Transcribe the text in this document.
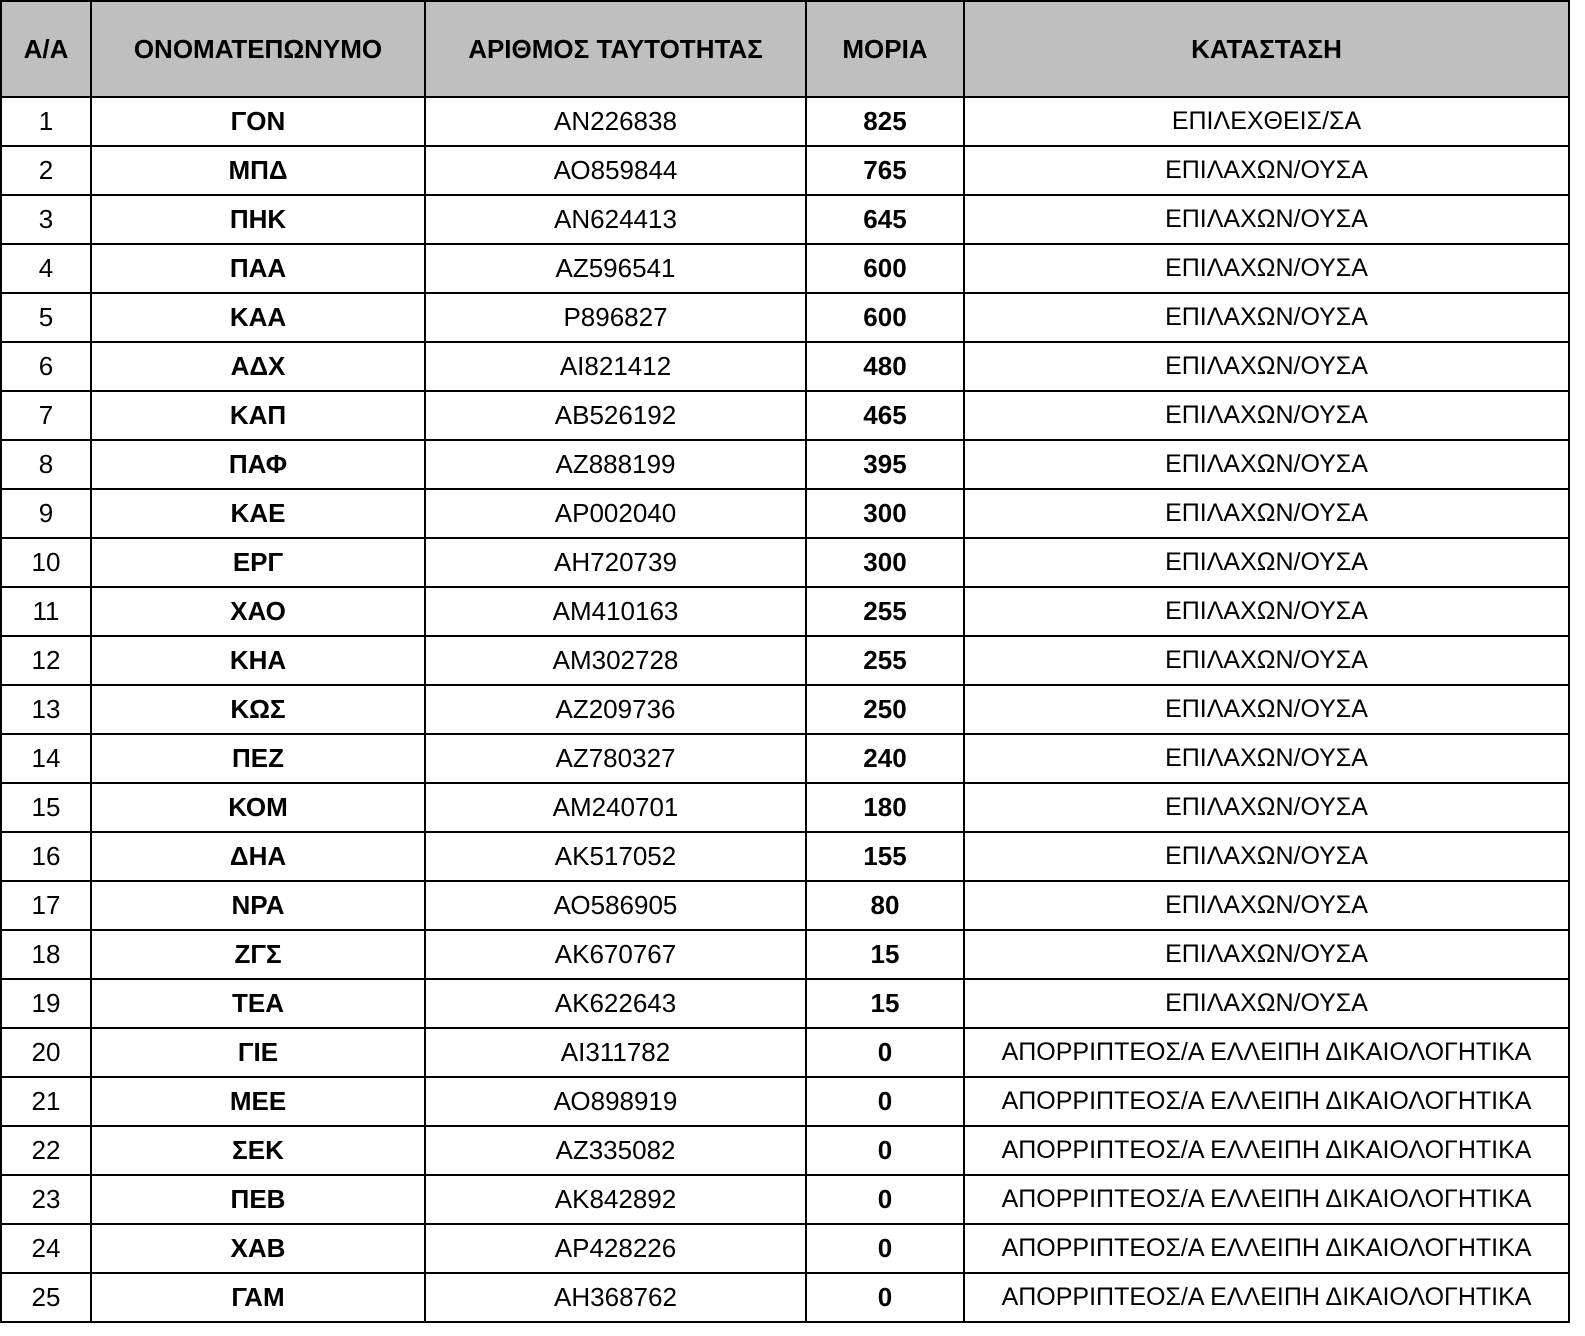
Α/Α	ΟΝΟΜΑΤΕΠΩΝΥΜΟ	ΑΡΙΘΜΟΣ ΤΑΥΤΟΤΗΤΑΣ	ΜΟΡΙΑ	ΚΑΤΑΣΤΑΣΗ
1	ΓΟΝ	ΑΝ226838	825	ΕΠΙΛΕΧΘΕΙΣ/ΣΑ
2	ΜΠΔ	ΑΟ859844	765	ΕΠΙΛΑΧΩΝ/ΟΥΣΑ
3	ΠΗΚ	ΑΝ624413	645	ΕΠΙΛΑΧΩΝ/ΟΥΣΑ
4	ΠΑΑ	ΑΖ596541	600	ΕΠΙΛΑΧΩΝ/ΟΥΣΑ
5	ΚΑΑ	Ρ896827	600	ΕΠΙΛΑΧΩΝ/ΟΥΣΑ
6	ΑΔΧ	ΑΙ821412	480	ΕΠΙΛΑΧΩΝ/ΟΥΣΑ
7	ΚΑΠ	ΑΒ526192	465	ΕΠΙΛΑΧΩΝ/ΟΥΣΑ
8	ΠΑΦ	ΑΖ888199	395	ΕΠΙΛΑΧΩΝ/ΟΥΣΑ
9	ΚΑΕ	ΑΡ002040	300	ΕΠΙΛΑΧΩΝ/ΟΥΣΑ
10	ΕΡΓ	ΑΗ720739	300	ΕΠΙΛΑΧΩΝ/ΟΥΣΑ
11	ΧΑΟ	ΑΜ410163	255	ΕΠΙΛΑΧΩΝ/ΟΥΣΑ
12	ΚΗΑ	ΑΜ302728	255	ΕΠΙΛΑΧΩΝ/ΟΥΣΑ
13	ΚΩΣ	ΑΖ209736	250	ΕΠΙΛΑΧΩΝ/ΟΥΣΑ
14	ΠΕΖ	ΑΖ780327	240	ΕΠΙΛΑΧΩΝ/ΟΥΣΑ
15	ΚΟΜ	ΑΜ240701	180	ΕΠΙΛΑΧΩΝ/ΟΥΣΑ
16	ΔΗΑ	ΑΚ517052	155	ΕΠΙΛΑΧΩΝ/ΟΥΣΑ
17	ΝΡΑ	ΑΟ586905	80	ΕΠΙΛΑΧΩΝ/ΟΥΣΑ
18	ΖΓΣ	ΑΚ670767	15	ΕΠΙΛΑΧΩΝ/ΟΥΣΑ
19	ΤΕΑ	ΑΚ622643	15	ΕΠΙΛΑΧΩΝ/ΟΥΣΑ
20	ΓΙΕ	ΑΙ311782	0	ΑΠΟΡΡΙΠΤΕΟΣ/Α ΕΛΛΕΙΠΗ ΔΙΚΑΙΟΛΟΓΗΤΙΚΑ
21	ΜΕΕ	ΑΟ898919	0	ΑΠΟΡΡΙΠΤΕΟΣ/Α ΕΛΛΕΙΠΗ ΔΙΚΑΙΟΛΟΓΗΤΙΚΑ
22	ΣΕΚ	ΑΖ335082	0	ΑΠΟΡΡΙΠΤΕΟΣ/Α ΕΛΛΕΙΠΗ ΔΙΚΑΙΟΛΟΓΗΤΙΚΑ
23	ΠΕΒ	ΑΚ842892	0	ΑΠΟΡΡΙΠΤΕΟΣ/Α ΕΛΛΕΙΠΗ ΔΙΚΑΙΟΛΟΓΗΤΙΚΑ
24	ΧΑΒ	ΑΡ428226	0	ΑΠΟΡΡΙΠΤΕΟΣ/Α ΕΛΛΕΙΠΗ ΔΙΚΑΙΟΛΟΓΗΤΙΚΑ
25	ΓΑΜ	ΑΗ368762	0	ΑΠΟΡΡΙΠΤΕΟΣ/Α ΕΛΛΕΙΠΗ ΔΙΚΑΙΟΛΟΓΗΤΙΚΑ
